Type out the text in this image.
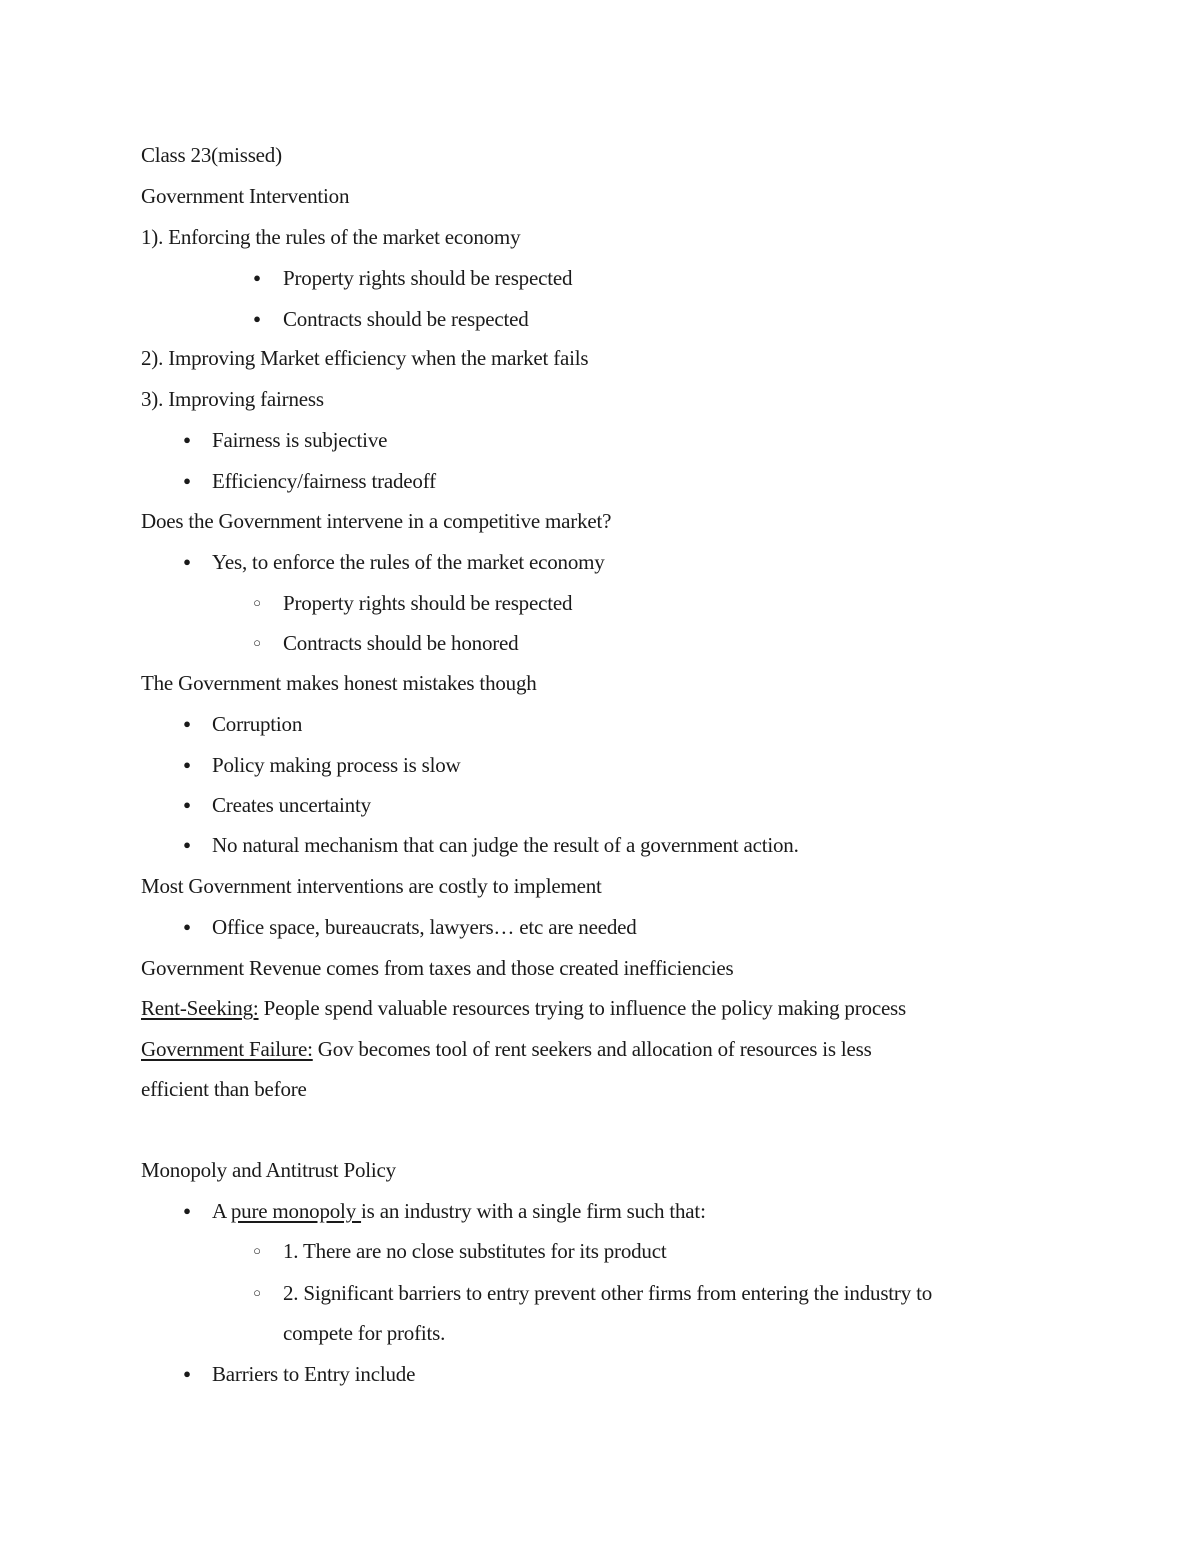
Class 23(missed)
Government Intervention
1). Enforcing the rules of the market economy
●	Property rights should be respected
●	Contracts should be respected
2). Improving Market efficiency when the market fails
3). Improving fairness
●	Fairness is subjective
●	Efficiency/fairness tradeoff
Does the Government intervene in a competitive market?
●	Yes, to enforce the rules of the market economy
○	Property rights should be respected
○	Contracts should be honored
The Government makes honest mistakes though
●	Corruption
●	Policy making process is slow
●	Creates uncertainty
●	No natural mechanism that can judge the result of a government action.
Most Government interventions are costly to implement
●	Office space, bureaucrats, lawyers… etc are needed
Government Revenue comes from taxes and those created inefficiencies
Rent-Seeking: People spend valuable resources trying to influence the policy making process
Government Failure: Gov becomes tool of rent seekers and allocation of resources is less
efficient than before
Monopoly and Antitrust Policy
●	A pure monopoly is an industry with a single firm such that:
○	1. There are no close substitutes for its product
○	2. Significant barriers to entry prevent other firms from entering the industry to
compete for profits.
●	Barriers to Entry include
